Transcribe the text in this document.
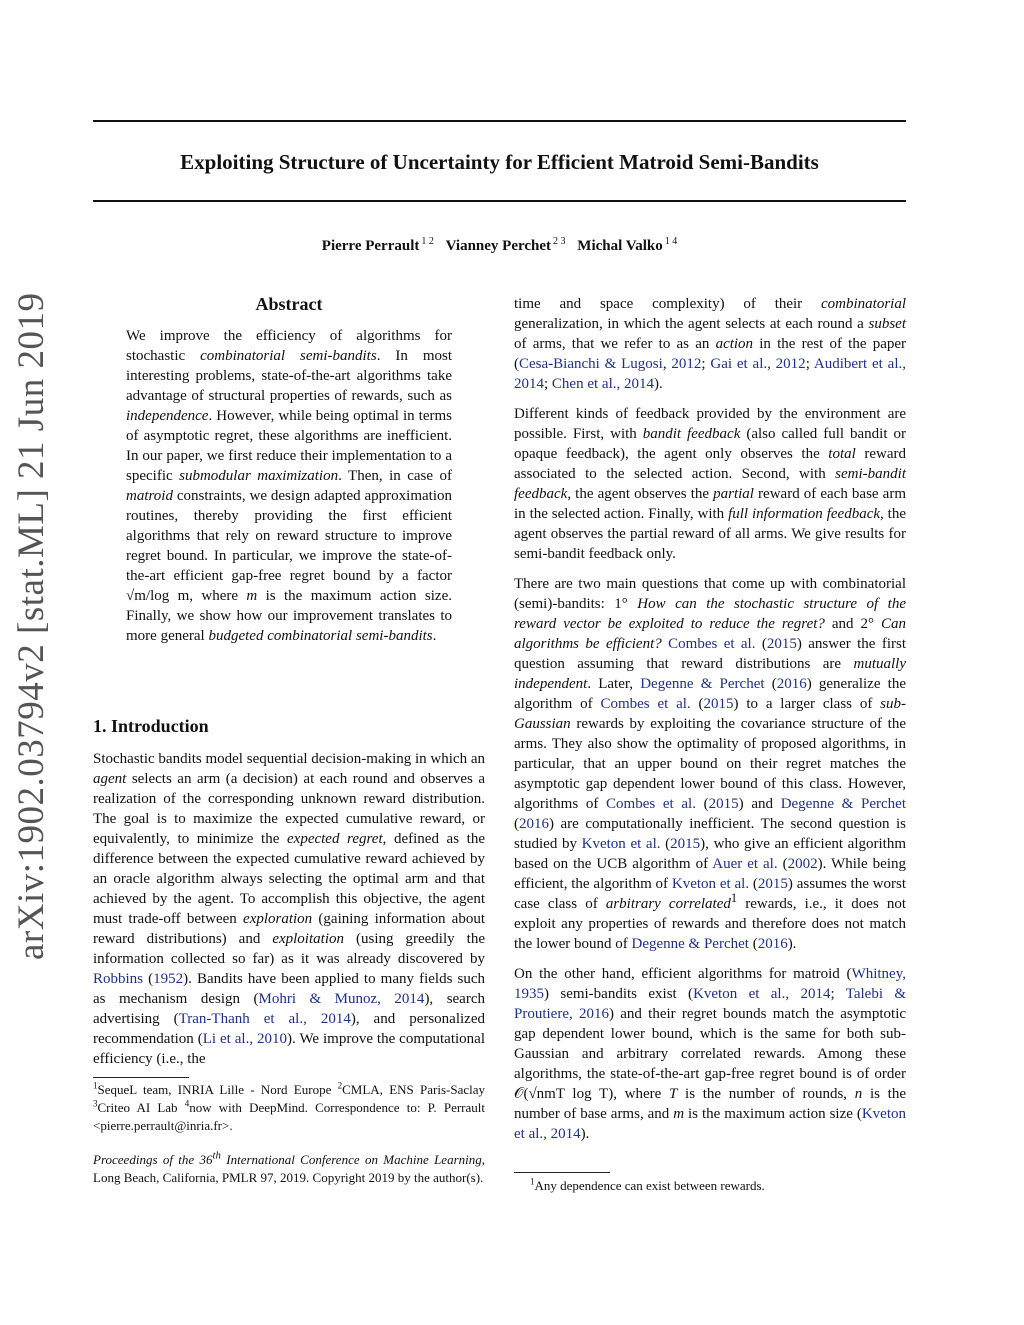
Exploiting Structure of Uncertainty for Efficient Matroid Semi-Bandits
Pierre Perrault $^{1 2}$ Vianney Perchet $^{2 3}$ Michal Valko $^{1 4}$
arXiv:1902.03794v2 [stat.ML] 21 Jun 2019	Abstract

We improve the efficiency of algorithms for stochastic combinatorial semi-bandits. In most interesting problems, state-of-the-art algorithms take advantage of structural properties of rewards, such as independence. However, while being optimal in terms of asymptotic regret, these algorithms are inefficient. In our paper, we first reduce their implementation to a specific submodular maximization. Then, in case of matroid constraints, we design adapted approximation routines, thereby providing the first efficient algorithms that rely on reward structure to improve regret bound. In particular, we improve the state-of-the-art efficient gap-free regret bound by a factor √m/log m, where m is the maximum action size. Finally, we show how our improvement translates to more general budgeted combinatorial semi-bandits.

1. Introduction

Stochastic bandits model sequential decision-making in which an agent selects an arm (a decision) at each round and observes a realization of the corresponding unknown reward distribution. The goal is to maximize the expected cumulative reward, or equivalently, to minimize the expected regret, defined as the difference between the expected cumulative reward achieved by an oracle algorithm always selecting the optimal arm and that achieved by the agent. To accomplish this objective, the agent must trade-off between exploration (gaining information about reward distributions) and exploitation (using greedily the information collected so far) as it was already discovered by Robbins (1952). Bandits have been applied to many fields such as mechanism design (Mohri & Munoz, 2014), search advertising (Tran-Thanh et al., 2014), and personalized recommendation (Li et al., 2010). We improve the computational efficiency (i.e., the

$^1$SequeL team, INRIA Lille - Nord Europe $^2$CMLA, ENS Paris-Saclay $^3$Criteo AI Lab $^4$now with DeepMind. Correspondence to: P. Perrault <pierre.perrault@inria.fr>.
Proceedings of the 36th International Conference on Machine Learning, Long Beach, California, PMLR 97, 2019. Copyright 2019 by the author(s).

time and space complexity) of their combinatorial generalization, in which the agent selects at each round a subset of arms, that we refer to as an action in the rest of the paper (Cesa-Bianchi & Lugosi, 2012; Gai et al., 2012; Audibert et al., 2014; Chen et al., 2014).

Different kinds of feedback provided by the environment are possible. First, with bandit feedback (also called full bandit or opaque feedback), the agent only observes the total reward associated to the selected action. Second, with semi-bandit feedback, the agent observes the partial reward of each base arm in the selected action. Finally, with full information feedback, the agent observes the partial reward of all arms. We give results for semi-bandit feedback only.

There are two main questions that come up with combinatorial (semi)-bandits: 1° How can the stochastic structure of the reward vector be exploited to reduce the regret? and 2° Can algorithms be efficient? Combes et al. (2015) answer the first question assuming that reward distributions are mutually independent. Later, Degenne & Perchet (2016) generalize the algorithm of Combes et al. (2015) to a larger class of sub-Gaussian rewards by exploiting the covariance structure of the arms. They also show the optimality of proposed algorithms, in particular, that an upper bound on their regret matches the asymptotic gap dependent lower bound of this class. However, algorithms of Combes et al. (2015) and Degenne & Perchet (2016) are computationally inefficient. The second question is studied by Kveton et al. (2015), who give an efficient algorithm based on the UCB algorithm of Auer et al. (2002). While being efficient, the algorithm of Kveton et al. (2015) assumes the worst case class of arbitrary correlated$^1$ rewards, i.e., it does not exploit any properties of rewards and therefore does not match the lower bound of Degenne & Perchet (2016).

On the other hand, efficient algorithms for matroid (Whitney, 1935) semi-bandits exist (Kveton et al., 2014; Talebi & Proutiere, 2016) and their regret bounds match the asymptotic gap dependent lower bound, which is the same for both sub-Gaussian and arbitrary correlated rewards. Among these algorithms, the state-of-the-art gap-free regret bound is of order 𝒪(√nmT log T), where T is the number of rounds, n is the number of base arms, and m is the maximum action size (Kveton et al., 2014).

$^1$Any dependence can exist between rewards.
